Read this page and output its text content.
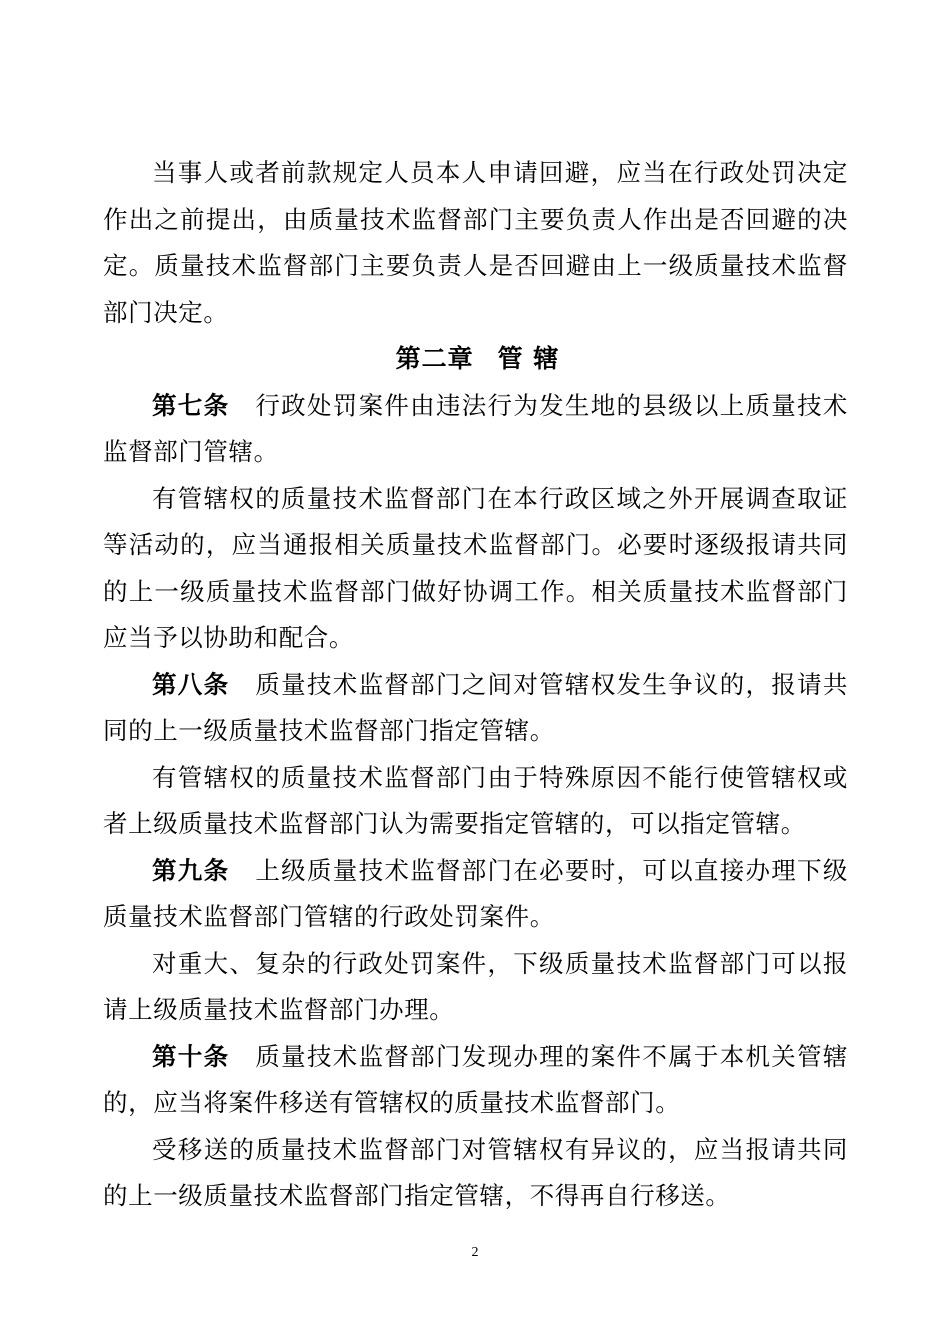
当事人或者前款规定人员本人申请回避，应当在行政处罚决定作出之前提出，由质量技术监督部门主要负责人作出是否回避的决定。质量技术监督部门主要负责人是否回避由上一级质量技术监督部门决定。

第二章 管 辖

第七条 行政处罚案件由违法行为发生地的县级以上质量技术监督部门管辖。

有管辖权的质量技术监督部门在本行政区域之外开展调查取证等活动的，应当通报相关质量技术监督部门。必要时逐级报请共同的上一级质量技术监督部门做好协调工作。相关质量技术监督部门应当予以协助和配合。

第八条 质量技术监督部门之间对管辖权发生争议的，报请共同的上一级质量技术监督部门指定管辖。

有管辖权的质量技术监督部门由于特殊原因不能行使管辖权或者上级质量技术监督部门认为需要指定管辖的，可以指定管辖。

第九条 上级质量技术监督部门在必要时，可以直接办理下级质量技术监督部门管辖的行政处罚案件。

对重大、复杂的行政处罚案件，下级质量技术监督部门可以报请上级质量技术监督部门办理。

第十条 质量技术监督部门发现办理的案件不属于本机关管辖的，应当将案件移送有管辖权的质量技术监督部门。

受移送的质量技术监督部门对管辖权有异议的，应当报请共同的上一级质量技术监督部门指定管辖，不得再自行移送。

2
